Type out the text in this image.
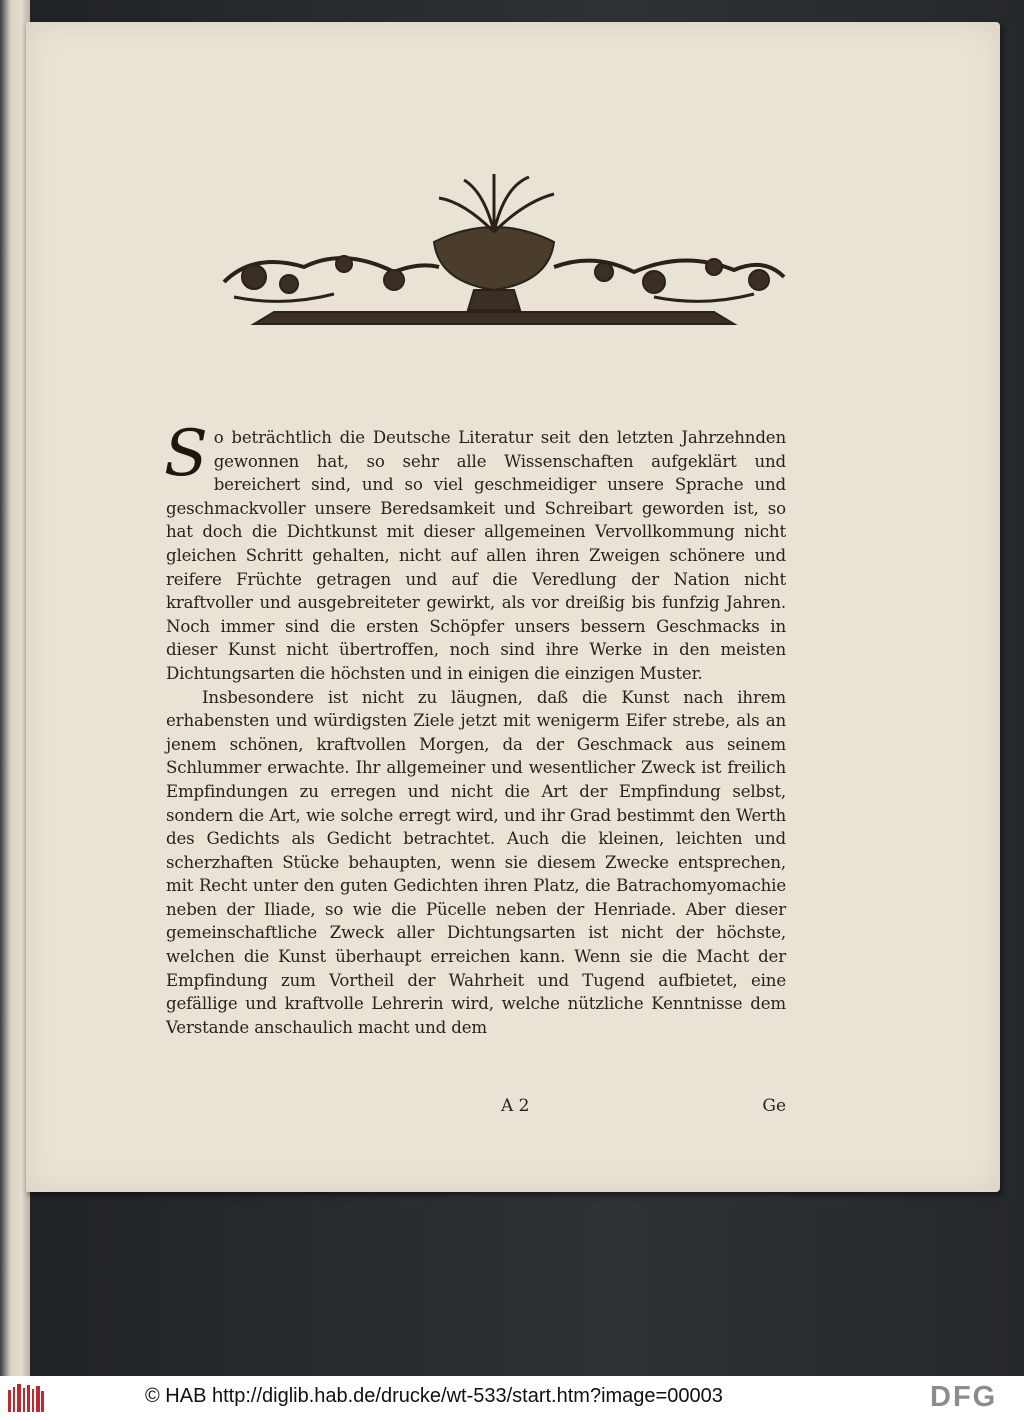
So beträchtlich die Deutsche Literatur seit den letzten Jahrzehnden gewonnen hat, so sehr alle Wissenschaften aufgeklärt und bereichert sind, und so viel geschmeidiger unsere Sprache und geschmackvoller unsere Beredsamkeit und Schreibart geworden ist, so hat doch die Dichtkunst mit dieser allgemeinen Vervollkommung nicht gleichen Schritt gehalten, nicht auf allen ihren Zweigen schönere und reifere Früchte getragen und auf die Veredlung der Nation nicht kraftvoller und ausgebreiteter gewirkt, als vor dreißig bis funfzig Jahren. Noch immer sind die ersten Schöpfer unsers bessern Geschmacks in dieser Kunst nicht übertroffen, noch sind ihre Werke in den meisten Dichtungsarten die höchsten und in einigen die einzigen Muster.

Insbesondere ist nicht zu läugnen, daß die Kunst nach ihrem erhabensten und würdigsten Ziele jetzt mit wenigerm Eifer strebe, als an jenem schönen, kraftvollen Morgen, da der Geschmack aus seinem Schlummer erwachte. Ihr allgemeiner und wesentlicher Zweck ist freilich Empfindungen zu erregen und nicht die Art der Empfindung selbst, sondern die Art, wie solche erregt wird, und ihr Grad bestimmt den Werth des Gedichts als Gedicht betrachtet. Auch die kleinen, leichten und scherzhaften Stücke behaupten, wenn sie diesem Zwecke entsprechen, mit Recht unter den guten Gedichten ihren Platz, die Batrachomyomachie neben der Iliade, so wie die Pücelle neben der Henriade. Aber dieser gemeinschaftliche Zweck aller Dichtungsarten ist nicht der höchste, welchen die Kunst überhaupt erreichen kann. Wenn sie die Macht der Empfindung zum Vortheil der Wahrheit und Tugend aufbietet, eine gefällige und kraftvolle Lehrerin wird, welche nützliche Kenntnisse dem Verstande anschaulich macht und dem

A 2	Ge
© HAB http://diglib.hab.de/drucke/wt-533/start.htm?image=00003	DFG
